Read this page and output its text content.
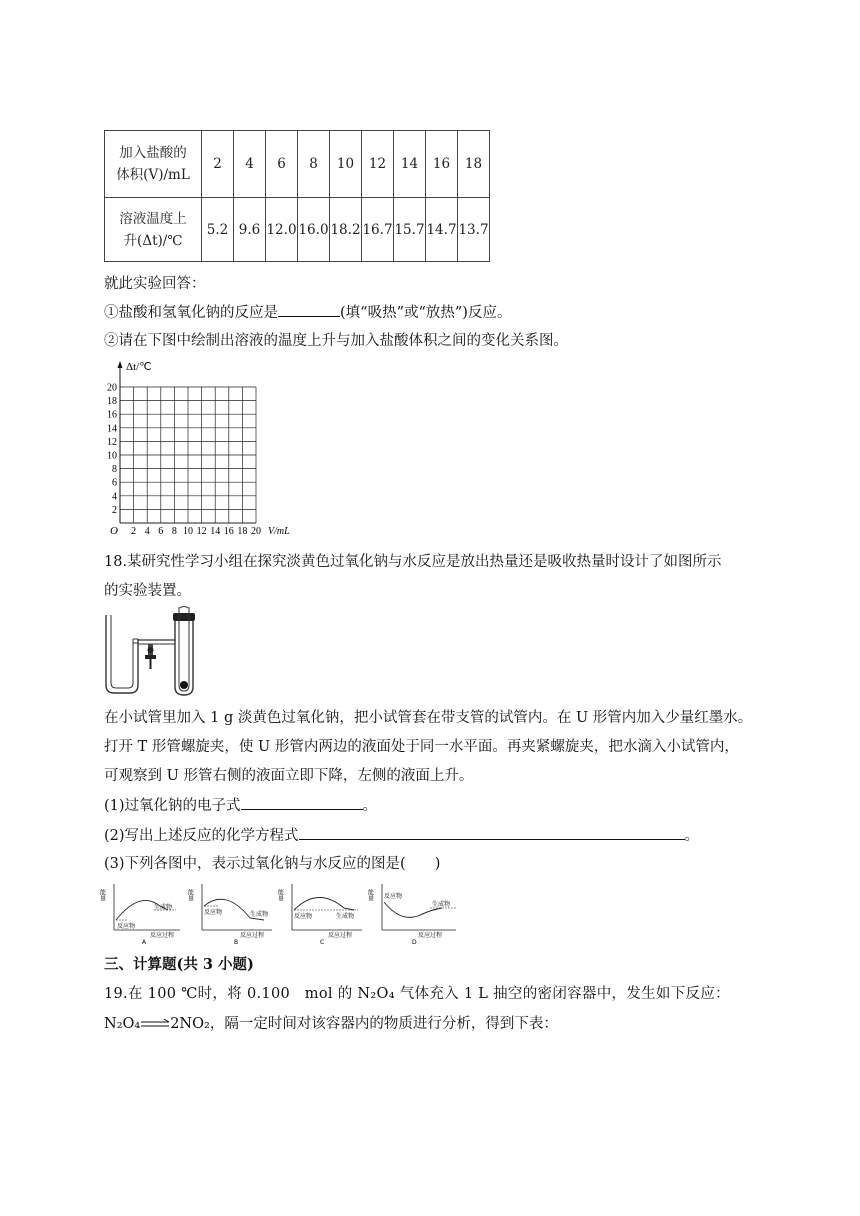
加入盐酸的
体积(V)/mL	2	4	6	8	10	12	14	16	18

溶液温度上
升(Δt)/℃	5.2	9.6	12.0	16.0	18.2	16.7	15.7	14.7	13.7
就此实验回答：
①盐酸和氢氧化钠的反应是	(填“吸热”或“放热”)反应。
②请在下图中绘制出溶液的温度上升与加入盐酸体积之间的变化关系图。
Δt/℃
2
4
6
8
10
12
14
16
18
20
2 4 6 8 10 12 14 16 18 20
O	V/mL
18.某研究性学习小组在探究淡黄色过氧化钠与水反应是放出热量还是吸收热量时设计了如图所示
的实验装置。
在小试管里加入 1 g 淡黄色过氧化钠，把小试管套在带支管的试管内。在 U 形管内加入少量红墨水。
打开 T 形管螺旋夹，使 U 形管内两边的液面处于同一水平面。再夹紧螺旋夹，把水滴入小试管内，
可观察到 U 形管右侧的液面立即下降，左侧的液面上升。
(1)过氧化钠的电子式	。
(2)写出上述反应的化学方程式	。
(3)下列各图中，表示过氧化钠与水反应的图是(　　)
能量
反应物
生成物
反应过程
A
能量
反应物	生成物
反应过程
B
能量
反应物	生成物
反应过程
C
能量 反应物
生成物
反应过程
D
三、计算题(共 3 小题)
19.在 100 ℃时，将 0.100　mol 的 N₂O₄ 气体充入 1 L 抽空的密闭容器中，发生如下反应：
N₂O₄ 2NO₂，隔一定时间对该容器内的物质进行分析，得到下表：
